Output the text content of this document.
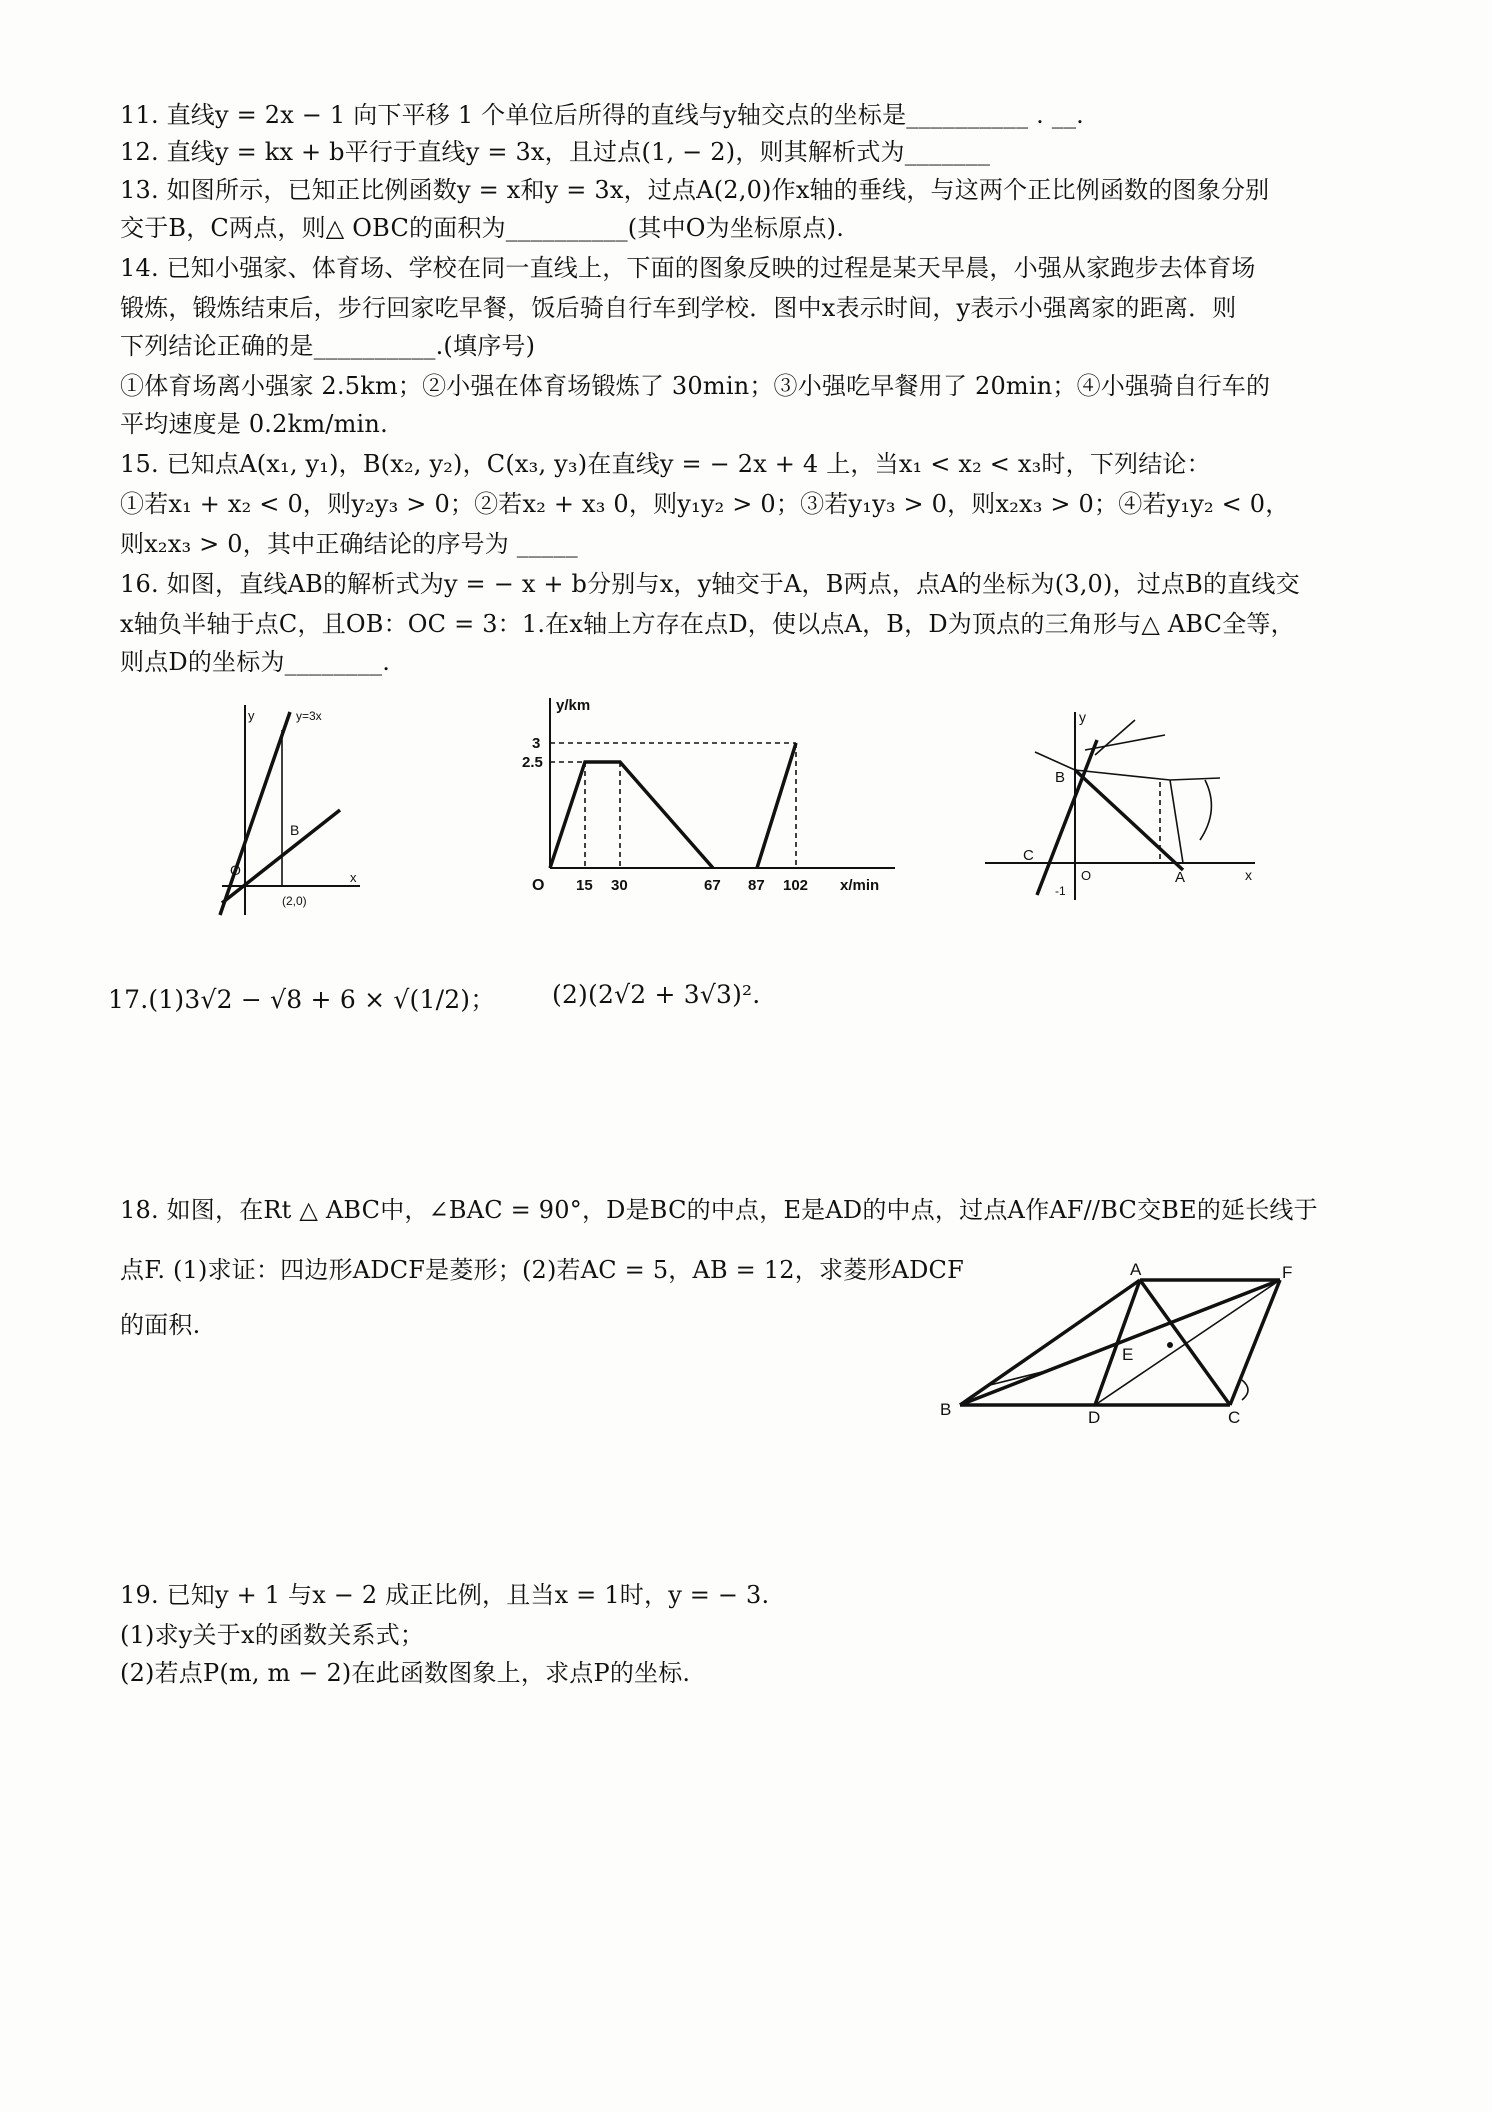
11. 直线y = 2x − 1 向下平移 1 个单位后所得的直线与y轴交点的坐标是__________ . __.
12. 直线y = kx + b平行于直线y = 3x，且过点(1, − 2)，则其解析式为_______
13. 如图所示，已知正比例函数y = x和y = 3x，过点A(2,0)作x轴的垂线，与这两个正比例函数的图象分别
交于B，C两点，则△ OBC的面积为__________(其中O为坐标原点).
14. 已知小强家、体育场、学校在同一直线上，下面的图象反映的过程是某天早晨，小强从家跑步去体育场
锻炼，锻炼结束后，步行回家吃早餐，饭后骑自行车到学校．图中x表示时间，y表示小强离家的距离．则
下列结论正确的是__________.(填序号)
①体育场离小强家 2.5km；②小强在体育场锻炼了 30min；③小强吃早餐用了 20min；④小强骑自行车的
平均速度是 0.2km/min.
15. 已知点A(x₁, y₁)，B(x₂, y₂)，C(x₃, y₃)在直线y = − 2x + 4 上，当x₁ < x₂ < x₃时，下列结论：
①若x₁ + x₂ < 0，则y₂y₃ > 0；②若x₂ + x₃ 0，则y₁y₂ > 0；③若y₁y₃ > 0，则x₂x₃ > 0；④若y₁y₂ < 0，
则x₂x₃ > 0，其中正确结论的序号为 _____
16. 如图，直线AB的解析式为y = − x + b分别与x，y轴交于A，B两点，点A的坐标为(3,0)，过点B的直线交
x轴负半轴于点C，且OB：OC = 3：1.在x轴上方存在点D，使以点A，B，D为顶点的三角形与△ ABC全等，
则点D的坐标为________.
y	y=3x
x
O
B
(2,0)
y/km
x/min
O
3
2.5
15 30	67 87 102
y
x
B
C
O	A
-1
17.(1)3√2 − √8 + 6 × √(1/2)； (2)(2√2 + 3√3)².
18. 如图，在Rt △ ABC中，∠BAC = 90°，D是BC的中点，E是AD的中点，过点A作AF//BC交BE的延长线于
点F. (1)求证：四边形ADCF是菱形；(2)若AC = 5，AB = 12，求菱形ADCF
的面积.
A	F
E
B	D	C
19. 已知y + 1 与x − 2 成正比例，且当x = 1时，y = − 3.
(1)求y关于x的函数关系式；
(2)若点P(m, m − 2)在此函数图象上，求点P的坐标.
